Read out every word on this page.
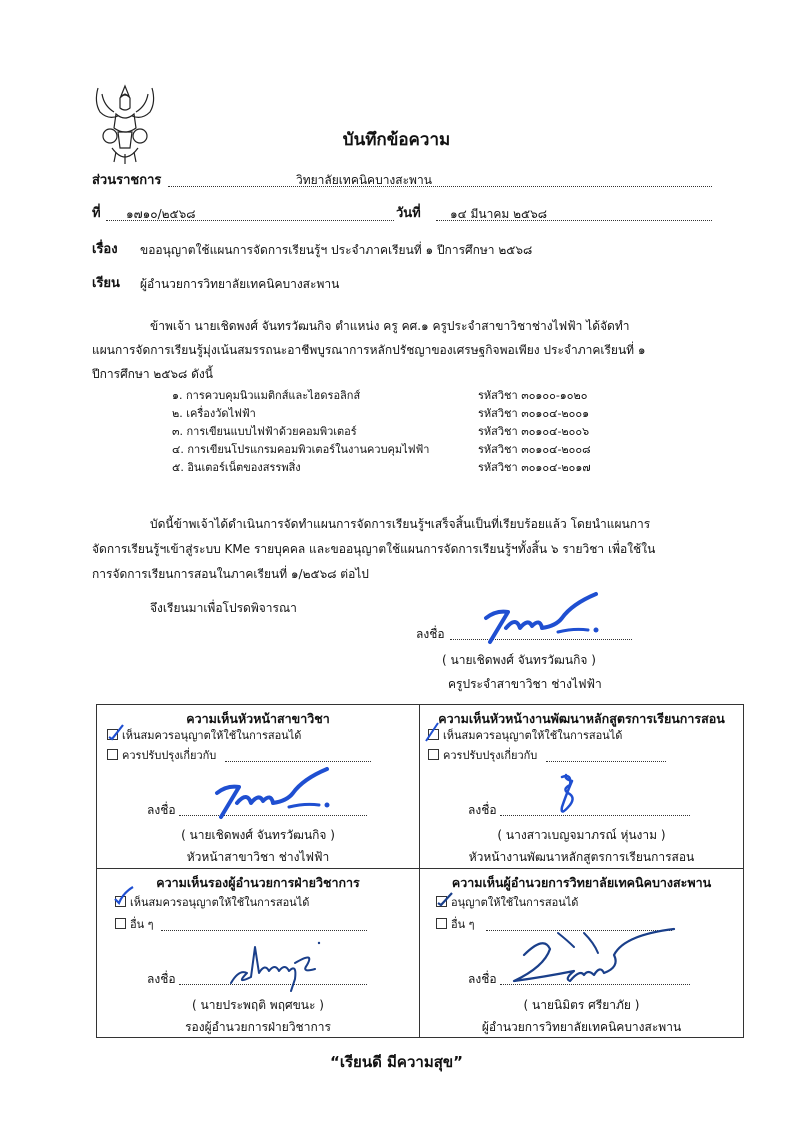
บันทึกข้อความ
ส่วนราชการ	วิทยาลัยเทคนิคบางสะพาน
ที่ ๑๗๑๐/๒๕๖๘	วันที่ ๑๔ มีนาคม ๒๕๖๘
เรื่อง ขออนุญาตใช้แผนการจัดการเรียนรู้ฯ ประจำภาคเรียนที่ ๑ ปีการศึกษา ๒๕๖๘
เรียน ผู้อำนวยการวิทยาลัยเทคนิคบางสะพาน
ข้าพเจ้า นายเชิดพงศ์ จันทรวัฒนกิจ ตำแหน่ง ครู คศ.๑ ครูประจำสาขาวิชาช่างไฟฟ้า ได้จัดทำ
แผนการจัดการเรียนรู้มุ่งเน้นสมรรถนะอาชีพบูรณาการหลักปรัชญาของเศรษฐกิจพอเพียง ประจำภาคเรียนที่ ๑
ปีการศึกษา ๒๕๖๘ ดังนี้
๑. การควบคุมนิวแมติกส์และไฮดรอลิกส์	รหัสวิชา ๓๐๑๐๐-๑๐๒๐
๒. เครื่องวัดไฟฟ้า	รหัสวิชา ๓๐๑๐๔-๒๐๐๑
๓. การเขียนแบบไฟฟ้าด้วยคอมพิวเตอร์	รหัสวิชา ๓๐๑๐๔-๒๐๐๖
๔. การเขียนโปรแกรมคอมพิวเตอร์ในงานควบคุมไฟฟ้า	รหัสวิชา ๓๐๑๐๔-๒๐๐๘
๕. อินเตอร์เน็ตของสรรพสิ่ง	รหัสวิชา ๓๐๑๐๔-๒๐๑๗
บัดนี้ข้าพเจ้าได้ดำเนินการจัดทำแผนการจัดการเรียนรู้ฯเสร็จสิ้นเป็นที่เรียบร้อยแล้ว โดยนำแผนการ
จัดการเรียนรู้ฯเข้าสู่ระบบ KMe รายบุคคล และขออนุญาตใช้แผนการจัดการเรียนรู้ฯทั้งสิ้น ๖ รายวิชา เพื่อใช้ใน
การจัดการเรียนการสอนในภาคเรียนที่ ๑/๒๕๖๘ ต่อไป
จึงเรียนมาเพื่อโปรดพิจารณา
ลงชื่อ
( นายเชิดพงศ์ จันทรวัฒนกิจ )
ครูประจำสาขาวิชา ช่างไฟฟ้า
ความเห็นหัวหน้าสาขาวิชา
เห็นสมควรอนุญาตให้ใช้ในการสอนได้
ควรปรับปรุงเกี่ยวกับ
ลงชื่อ
( นายเชิดพงศ์ จันทรวัฒนกิจ )
หัวหน้าสาขาวิชา ช่างไฟฟ้า
ความเห็นหัวหน้างานพัฒนาหลักสูตรการเรียนการสอน
เห็นสมควรอนุญาตให้ใช้ในการสอนได้
ควรปรับปรุงเกี่ยวกับ
ลงชื่อ
( นางสาวเบญจมาภรณ์ หุ่นงาม )
หัวหน้างานพัฒนาหลักสูตรการเรียนการสอน
ความเห็นรองผู้อำนวยการฝ่ายวิชาการ
เห็นสมควรอนุญาตให้ใช้ในการสอนได้
อื่น ๆ
ลงชื่อ
( นายประพฤติ พฤศขนะ )
รองผู้อำนวยการฝ่ายวิชาการ
ความเห็นผู้อำนวยการวิทยาลัยเทคนิคบางสะพาน
อนุญาตให้ใช้ในการสอนได้
อื่น ๆ
ลงชื่อ
( นายนิมิตร ศรียาภัย )
ผู้อำนวยการวิทยาลัยเทคนิคบางสะพาน
“เรียนดี มีความสุข”
